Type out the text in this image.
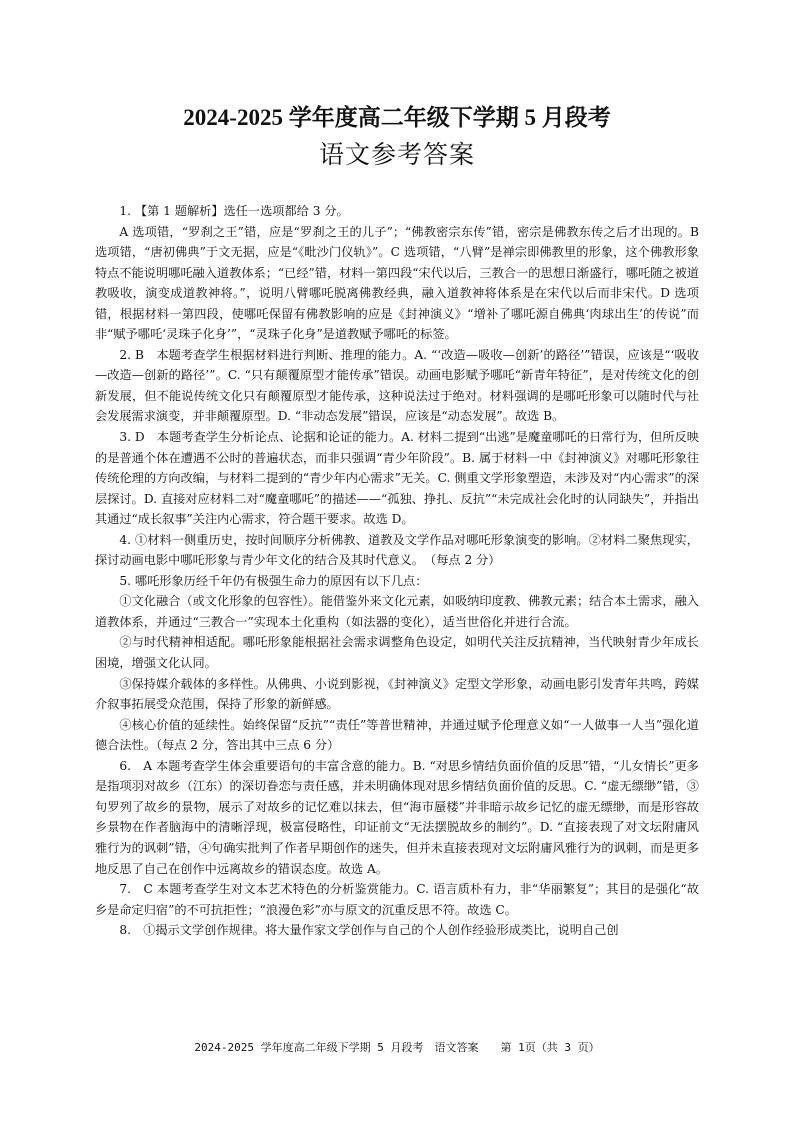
2024-2025 学年度高二年级下学期 5 月段考
语文参考答案

1. 【第 1 题解析】选任一选项都给 3 分。

A 选项错，“罗刹之王”错，应是“罗刹之王的儿子”；“佛教密宗东传”错，密宗是佛教东传之后才出现的。B 选项错，“唐初佛典”于文无据，应是“《毗沙门仪轨》”。C 选项错，“八臂”是禅宗即佛教里的形象，这个佛教形象特点不能说明哪吒融入道教体系；“已经”错，材料一第四段“宋代以后，三教合一的思想日渐盛行，哪吒随之被道教吸收，演变成道教神将。”，说明八臂哪吒脱离佛教经典，融入道教神将体系是在宋代以后而非宋代。D 选项错，根据材料一第四段，使哪吒保留有佛教影响的应是《封神演义》“增补了哪吒源自佛典‘肉球出生’的传说”而非“赋予哪吒‘灵珠子化身’”，“灵珠子化身”是道教赋予哪吒的标签。

2. B　本题考查学生根据材料进行判断、推理的能力。A. “‘改造—吸收—创新’的路径’”错误，应该是“‘吸收—改造—创新的路径’”。C. “只有颠覆原型才能传承”错误。动画电影赋予哪吒“新青年特征”，是对传统文化的创新发展，但不能说传统文化只有颠覆原型才能传承，这种说法过于绝对。材料强调的是哪吒形象可以随时代与社会发展需求演变，并非颠覆原型。D. “非动态发展”错误，应该是“动态发展”。故选 B。

3. D　本题考查学生分析论点、论据和论证的能力。A. 材料二提到“出逃”是魔童哪吒的日常行为，但所反映的是普通个体在遭遇不公时的普遍状态，而非只强调“青少年阶段”。B. 属于材料一中《封神演义》对哪吒形象往传统伦理的方向改编，与材料二提到的“青少年内心需求”无关。C. 侧重文学形象塑造，未涉及对“内心需求”的深层探讨。D. 直接对应材料二对“魔童哪吒”的描述——“孤独、挣扎、反抗”“未完成社会化时的认同缺失”，并指出其通过“成长叙事”关注内心需求，符合题干要求。故选 D。

4. ①材料一侧重历史，按时间顺序分析佛教、道教及文学作品对哪吒形象演变的影响。②材料二聚焦现实，探讨动画电影中哪吒形象与青少年文化的结合及其时代意义。　（每点 2 分）

5. 哪吒形象历经千年仍有极强生命力的原因有以下几点：

①文化融合（或文化形象的包容性）。能借鉴外来文化元素，如吸纳印度教、佛教元素；结合本土需求，融入道教体系，并通过“三教合一”实现本土化重构（如法器的变化），适当世俗化并进行合流。

②与时代精神相适配。哪吒形象能根据社会需求调整角色设定，如明代关注反抗精神，当代映射青少年成长困境，增强文化认同。

③保持媒介载体的多样性。从佛典、小说到影视，《封神演义》定型文学形象，动画电影引发青年共鸣，跨媒介叙事拓展受众范围，保持了形象的新鲜感。

④核心价值的延续性。始终保留“反抗”“责任”等普世精神，并通过赋予伦理意义如“一人做事一人当”强化道德合法性。（每点 2 分，答出其中三点 6 分）

6.　A 本题考查学生体会重要语句的丰富含意的能力。B. “对思乡情结负面价值的反思”错，“儿女情长”更多是指项羽对故乡（江东）的深切眷恋与责任感，并未明确体现对思乡情结负面价值的反思。C. “虚无缥缈”错，③句罗列了故乡的景物，展示了对故乡的记忆难以抹去，但“海市蜃楼”并非暗示故乡记忆的虚无缥缈，而是形容故乡景物在作者脑海中的清晰浮现，极富侵略性，印证前文“无法摆脱故乡的制约”。D. “直接表现了对文坛附庸风雅行为的讽刺”错，④句确实批判了作者早期创作的迷失，但并未直接表现对文坛附庸风雅行为的讽刺，而是更多地反思了自己在创作中远离故乡的错误态度。故选 A。

7.　C 本题考查学生对文本艺术特色的分析鉴赏能力。C. 语言质朴有力，非“华丽繁复”；其目的是强化“故乡是命定归宿”的不可抗拒性；“浪漫色彩”亦与原文的沉重反思不符。故选 C。

8.　①揭示文学创作规律。将大量作家文学创作与自己的个人创作经验形成类比，说明自己创

2024-2025 学年度高二年级下学期 5 月段考　语文答案　　第 1页（共 3 页）
